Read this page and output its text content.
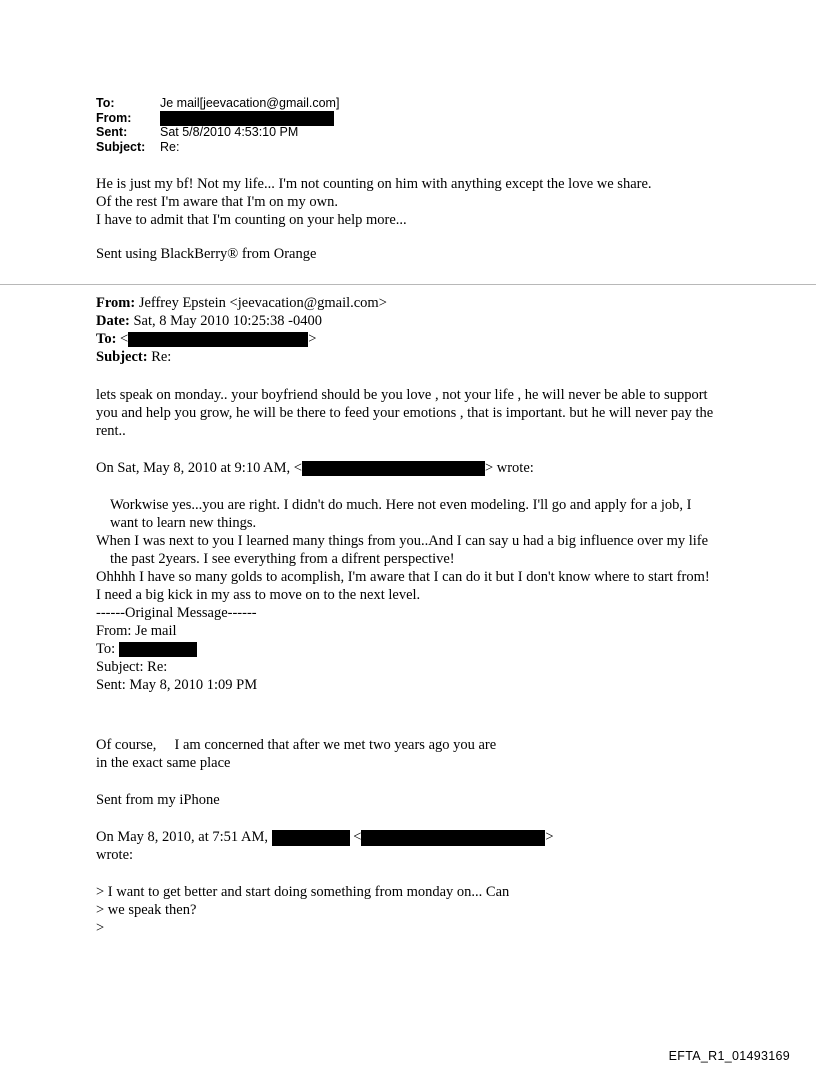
To:	Je mail[jeevacation@gmail.com]
From:
Sent:	Sat 5/8/2010 4:53:10 PM
Subject:	Re:

He is just my bf! Not my life... I'm not counting on him with anything except the love we share.

Of the rest I'm aware that I'm on my own.

I have to admit that I'm counting on your help more...

Sent using BlackBerry® from Orange

From: Jeffrey Epstein <jeevacation@gmail.com>

Date: Sat, 8 May 2010 10:25:38 -0400

To: <	>

Subject: Re:

lets speak on monday.. your boyfriend should be you love , not your life , he will never be able to support you and help you grow, he will be there to feed your emotions , that is important. but he will never pay the rent..

On Sat, May 8, 2010 at 9:10 AM, <	> wrote:

Workwise yes...you are right. I didn't do much. Here not even modeling. I'll go and apply for a job, I want to learn new things.

When I was next to you I learned many things from you..And I can say u had a big influence over my life the past 2years. I see everything from a difrent perspective!

Ohhhh I have so many golds to acomplish, I'm aware that I can do it but I don't know where to start from!

I need a big kick in my ass to move on to the next level.

------Original Message------

From: Je mail

To:

Subject: Re:

Sent: May 8, 2010 1:09 PM

Of course, I am concerned that after we met two years ago you are

in the exact same place

Sent from my iPhone

On May 8, 2010, at 7:51 AM,	<	>

wrote:

> I want to get better and start doing something from monday on... Can

> we speak then?

>

EFTA_R1_01493169
